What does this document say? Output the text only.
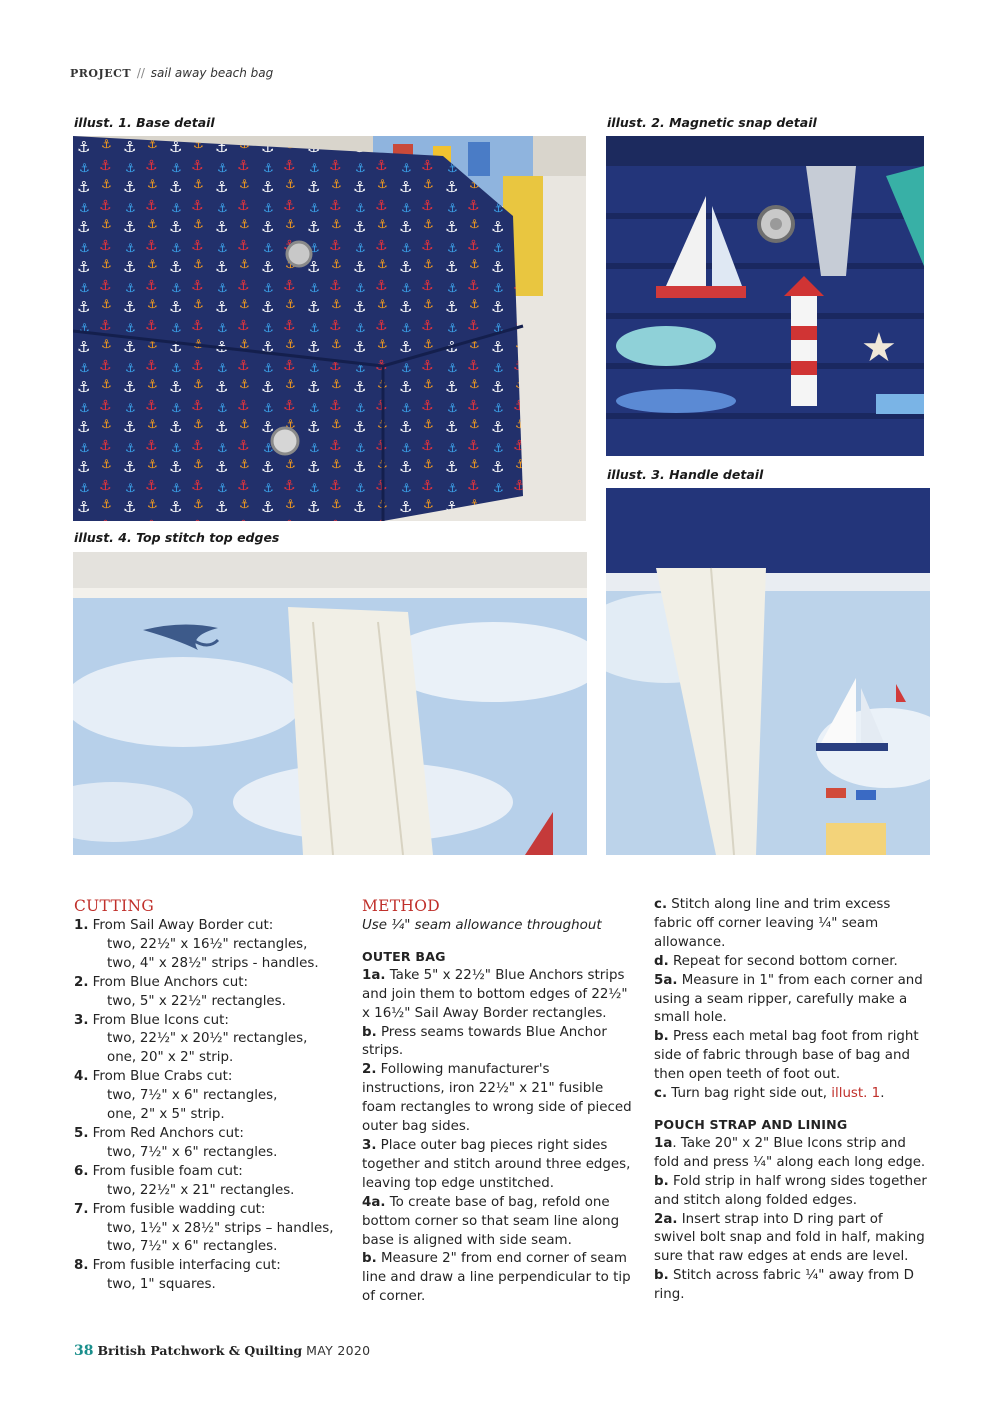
PROJECT // sail away beach bag
illust. 1. Base detail	illust. 2. Magnetic snap detail
illust. 3. Handle detail
illust. 4. Top stitch top edges
★

CUTTING

1. From Sail Away Border cut:

two, 22½" x 16½" rectangles,

two, 4" x 28½" strips - handles.

2. From Blue Anchors cut:

two, 5" x 22½" rectangles.

3. From Blue Icons cut:

two, 22½" x 20½" rectangles,

one, 20" x 2" strip.

4. From Blue Crabs cut:

two, 7½" x 6" rectangles,

one, 2" x 5" strip.

5. From Red Anchors cut:

two, 7½" x 6" rectangles.

6. From fusible foam cut:

two, 22½" x 21" rectangles.

7. From fusible wadding cut:

two, 1½" x 28½" strips – handles,

two, 7½" x 6" rectangles.

8. From fusible interfacing cut:

two, 1" squares.

METHOD

Use ¼" seam allowance throughout

OUTER BAG

1a. Take 5" x 22½" Blue Anchors strips and join them to bottom edges of 22½" x 16½" Sail Away Border rectangles.

b. Press seams towards Blue Anchor strips.

2. Following manufacturer's instructions, iron 22½" x 21" fusible foam rectangles to wrong side of pieced outer bag sides.

3. Place outer bag pieces right sides together and stitch around three edges, leaving top edge unstitched.

4a. To create base of bag, refold one bottom corner so that seam line along base is aligned with side seam.

b. Measure 2" from end corner of seam line and draw a line perpendicular to tip of corner.

c. Stitch along line and trim excess fabric off corner leaving ¼" seam allowance.

d. Repeat for second bottom corner.

5a. Measure in 1" from each corner and using a seam ripper, carefully make a small hole.

b. Press each metal bag foot from right side of fabric through base of bag and then open teeth of foot out.

c. Turn bag right side out, illust. 1.

POUCH STRAP AND LINING

1a. Take 20" x 2" Blue Icons strip and fold and press ¼" along each long edge.

b. Fold strip in half wrong sides together and stitch along folded edges.

2a. Insert strap into D ring part of swivel bolt snap and fold in half, making sure that raw edges at ends are level.

b. Stitch across fabric ¼" away from D ring.

38 British Patchwork & Quilting MAY 2020
